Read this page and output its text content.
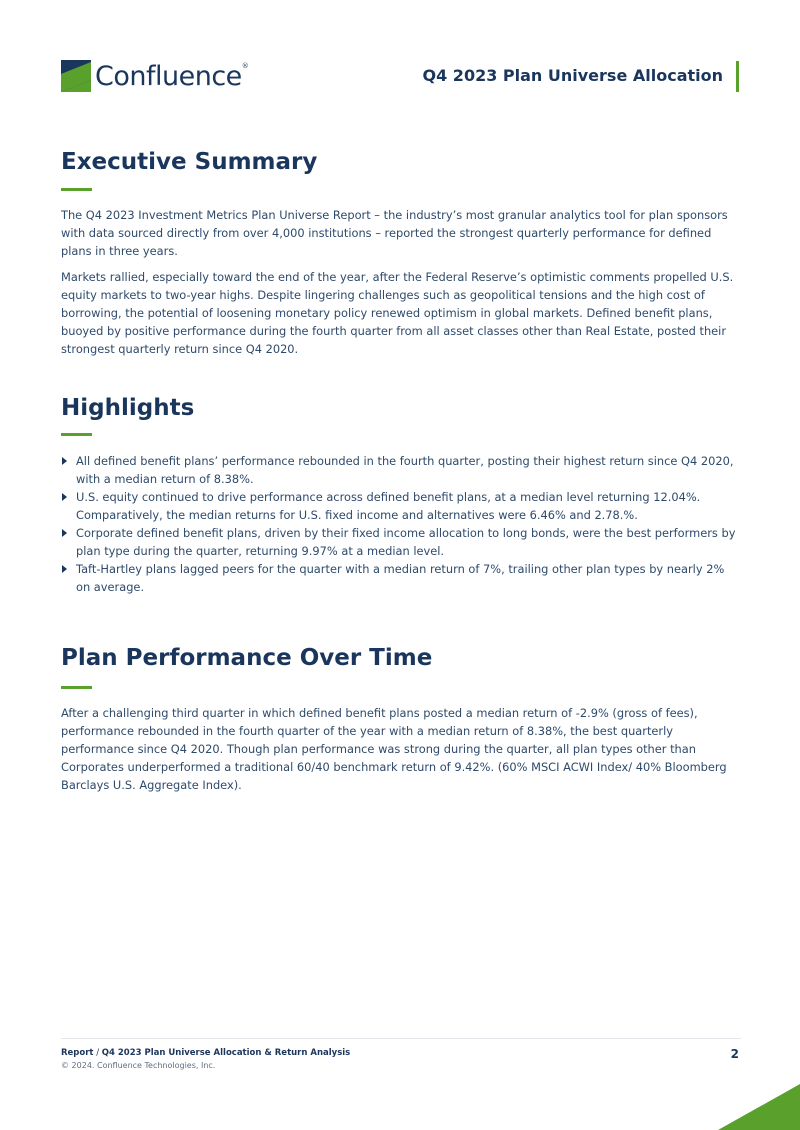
Confluence®
Q4 2023 Plan Universe Allocation
Executive Summary

The Q4 2023 Investment Metrics Plan Universe Report – the industry’s most granular analytics tool for plan sponsors with data sourced directly from over 4,000 institutions – reported the strongest quarterly performance for defined plans in three years.

Markets rallied, especially toward the end of the year, after the Federal Reserve’s optimistic comments propelled U.S. equity markets to two-year highs. Despite lingering challenges such as geopolitical tensions and the high cost of borrowing, the potential of loosening monetary policy renewed optimism in global markets. Defined benefit plans, buoyed by positive performance during the fourth quarter from all asset classes other than Real Estate, posted their strongest quarterly return since Q4 2020.

Highlights
All defined benefit plans’ performance rebounded in the fourth quarter, posting their highest return since Q4 2020, with a median return of 8.38%.
U.S. equity continued to drive performance across defined benefit plans, at a median level returning 12.04%. Comparatively, the median returns for U.S. fixed income and alternatives were 6.46% and 2.78.%.
Corporate defined benefit plans, driven by their fixed income allocation to long bonds, were the best performers by plan type during the quarter, returning 9.97% at a median level.
Taft-Hartley plans lagged peers for the quarter with a median return of 7%, trailing other plan types by nearly 2% on average.
Plan Performance Over Time

After a challenging third quarter in which defined benefit plans posted a median return of -2.9% (gross of fees), performance rebounded in the fourth quarter of the year with a median return of 8.38%, the best quarterly performance since Q4 2020. Though plan performance was strong during the quarter, all plan types other than Corporates underperformed a traditional 60/40 benchmark return of 9.42%. (60% MSCI ACWI Index/ 40% Bloomberg Barclays U.S. Aggregate Index).

Report / Q4 2023 Plan Universe Allocation & Return Analysis
© 2024. Confluence Technologies, Inc.
2
